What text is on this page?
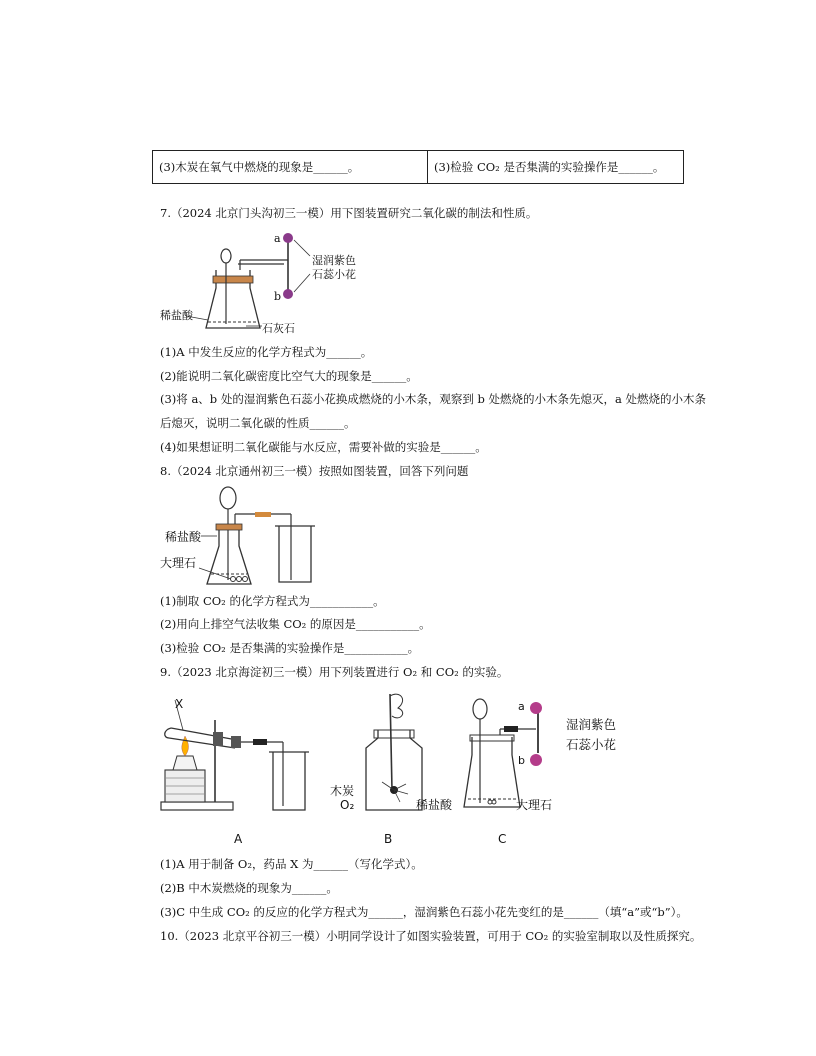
(3)木炭在氧气中燃烧的现象是______。	(3)检验 CO₂ 是否集满的实验操作是______。
7.（2024 北京门头沟初三一模）用下图装置研究二氧化碳的制法和性质。
a
b
湿润紫色
石蕊小花
稀盐酸
石灰石
(1)A 中发生反应的化学方程式为______。
(2)能说明二氧化碳密度比空气大的现象是______。
(3)将 a、b 处的湿润紫色石蕊小花换成燃烧的小木条，观察到 b 处燃烧的小木条先熄灭，a 处燃烧的小木条
后熄灭，说明二氧化碳的性质______。
(4)如果想证明二氧化碳能与水反应，需要补做的实验是______。
8.（2024 北京通州初三一模）按照如图装置，回答下列问题
稀盐酸
大理石
(1)制取 CO₂ 的化学方程式为___________。
(2)用向上排空气法收集 CO₂ 的原因是___________。
(3)检验 CO₂ 是否集满的实验操作是___________。
9.（2023 北京海淀初三一模）用下列装置进行 O₂ 和 CO₂ 的实验。
X
木炭
O₂
a
b
湿润紫色
石蕊小花
稀盐酸	大理石
A	B	C
(1)A 用于制备 O₂，药品 X 为______（写化学式）。
(2)B 中木炭燃烧的现象为______。
(3)C 中生成 CO₂ 的反应的化学方程式为______，湿润紫色石蕊小花先变红的是______（填“a”或“b”）。
10.（2023 北京平谷初三一模）小明同学设计了如图实验装置，可用于 CO₂ 的实验室制取以及性质探究。
